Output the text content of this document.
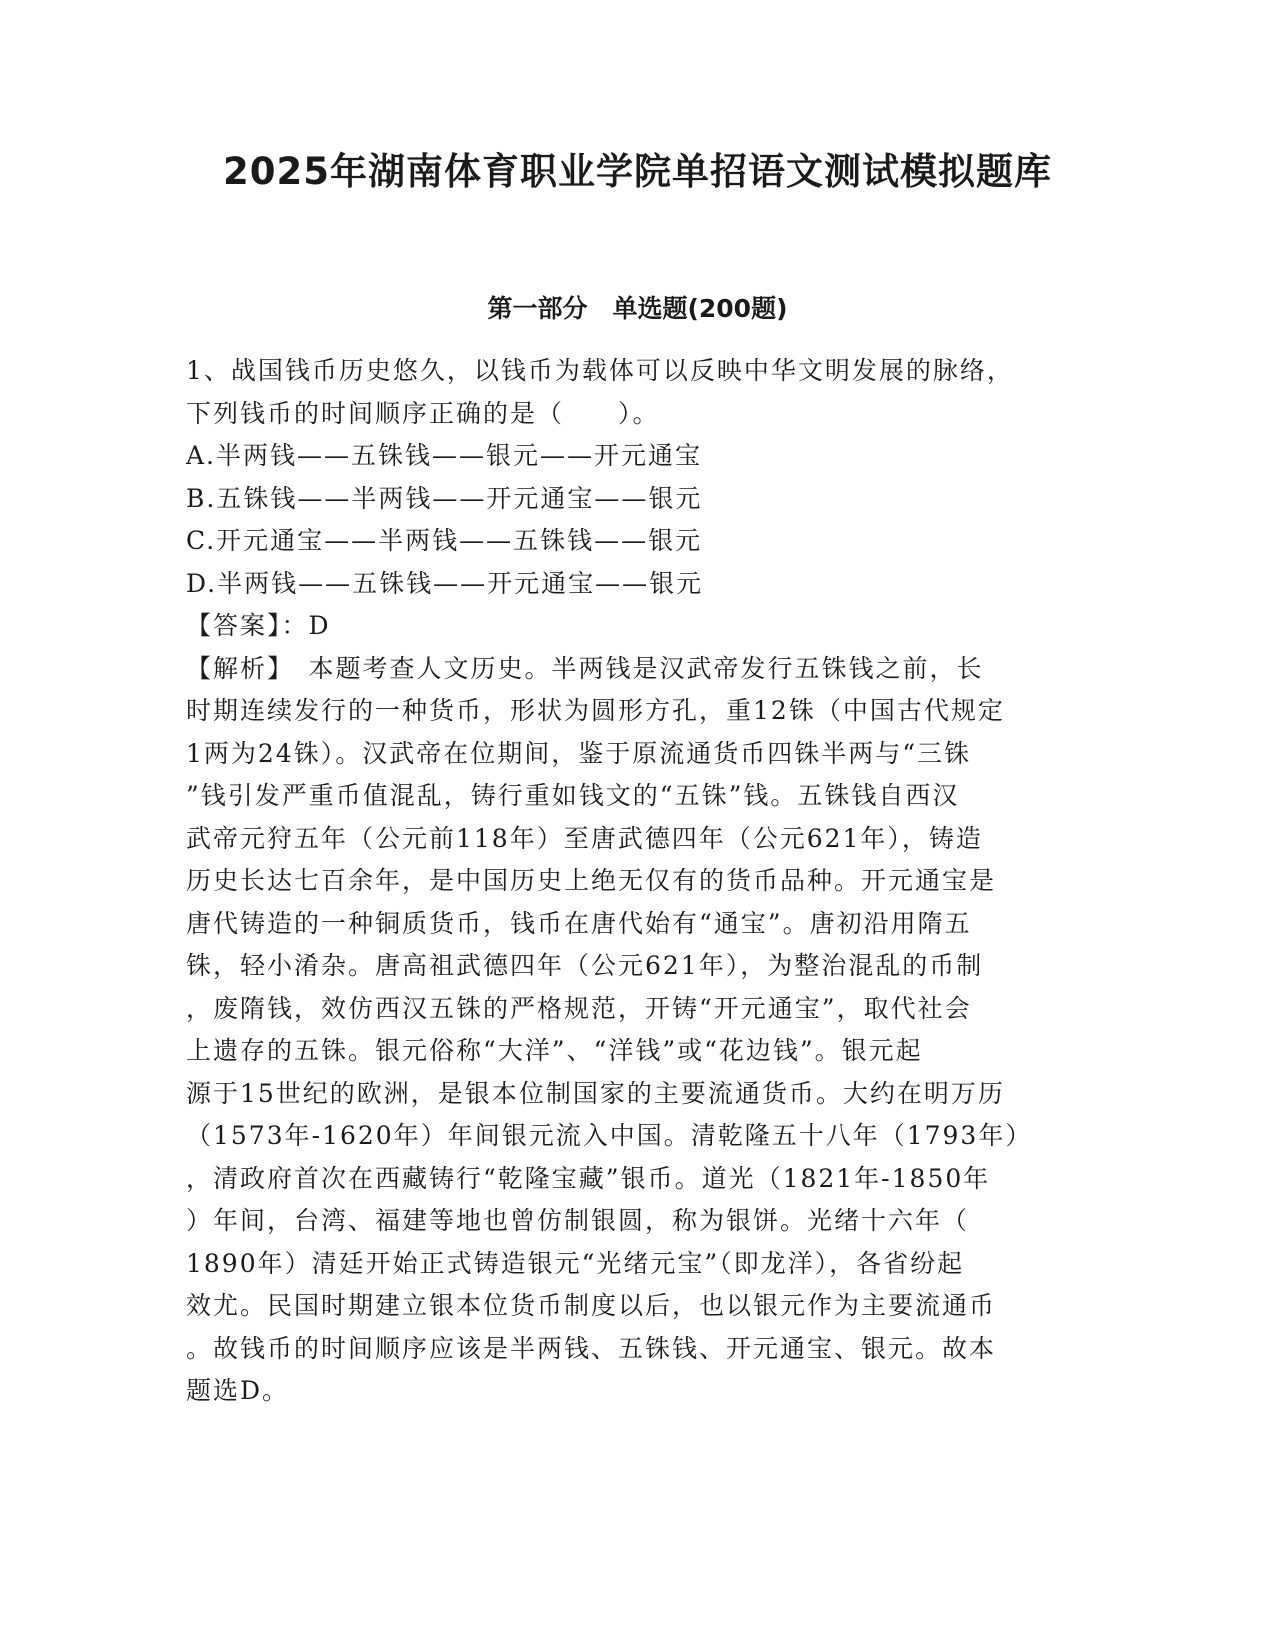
2025年湖南体育职业学院单招语文测试模拟题库
第一部分　单选题(200题)
1、战国钱币历史悠久，以钱币为载体可以反映中华文明发展的脉络，
下列钱币的时间顺序正确的是（　　）。
A.半两钱——五铢钱——银元——开元通宝
B.五铢钱——半两钱——开元通宝——银元
C.开元通宝——半两钱——五铢钱——银元
D.半两钱——五铢钱——开元通宝——银元
【答案】：D
【解析】　本题考查人文历史。半两钱是汉武帝发行五铢钱之前，长
时期连续发行的一种货币，形状为圆形方孔，重12铢（中国古代规定
1两为24铢）。汉武帝在位期间，鉴于原流通货币四铢半两与“三铢
”钱引发严重币值混乱，铸行重如钱文的“五铢”钱。五铢钱自西汉
武帝元狩五年（公元前118年）至唐武德四年（公元621年），铸造
历史长达七百余年，是中国历史上绝无仅有的货币品种。开元通宝是
唐代铸造的一种铜质货币，钱币在唐代始有“通宝”。唐初沿用隋五
铢，轻小淆杂。唐高祖武德四年（公元621年），为整治混乱的币制
，废隋钱，效仿西汉五铢的严格规范，开铸“开元通宝”，取代社会
上遗存的五铢。银元俗称“大洋”、“洋钱”或“花边钱”。银元起
源于15世纪的欧洲，是银本位制国家的主要流通货币。大约在明万历
（1573年-1620年）年间银元流入中国。清乾隆五十八年（1793年）
，清政府首次在西藏铸行“乾隆宝藏”银币。道光（1821年-1850年
）年间，台湾、福建等地也曾仿制银圆，称为银饼。光绪十六年（
1890年）清廷开始正式铸造银元“光绪元宝”（即龙洋），各省纷起
效尤。民国时期建立银本位货币制度以后，也以银元作为主要流通币
。故钱币的时间顺序应该是半两钱、五铢钱、开元通宝、银元。故本
题选D。
